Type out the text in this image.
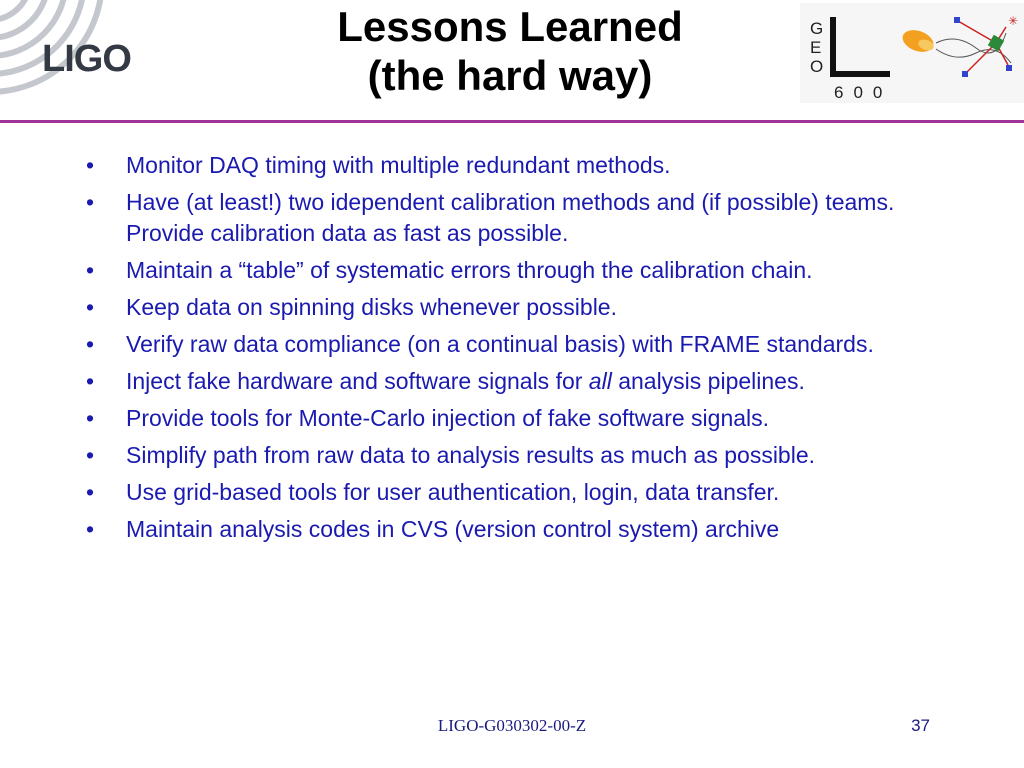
LIGO
Lessons Learned
(the hard way)
G
E
O
600
✳
• Monitor DAQ timing with multiple redundant methods.
• Have (at least!) two idependent calibration methods and (if possible) teams. Provide calibration data as fast as possible.
• Maintain a “table” of systematic errors through the calibration chain.
• Keep data on spinning disks whenever possible.
• Verify raw data compliance (on a continual basis) with FRAME standards.
• Inject fake hardware and software signals for all analysis pipelines.
• Provide tools for Monte-Carlo injection of fake software signals.
• Simplify path from raw data to analysis results as much as possible.
• Use grid-based tools for user authentication, login, data transfer.
• Maintain analysis codes in CVS (version control system) archive
LIGO-G030302-00-Z	37
